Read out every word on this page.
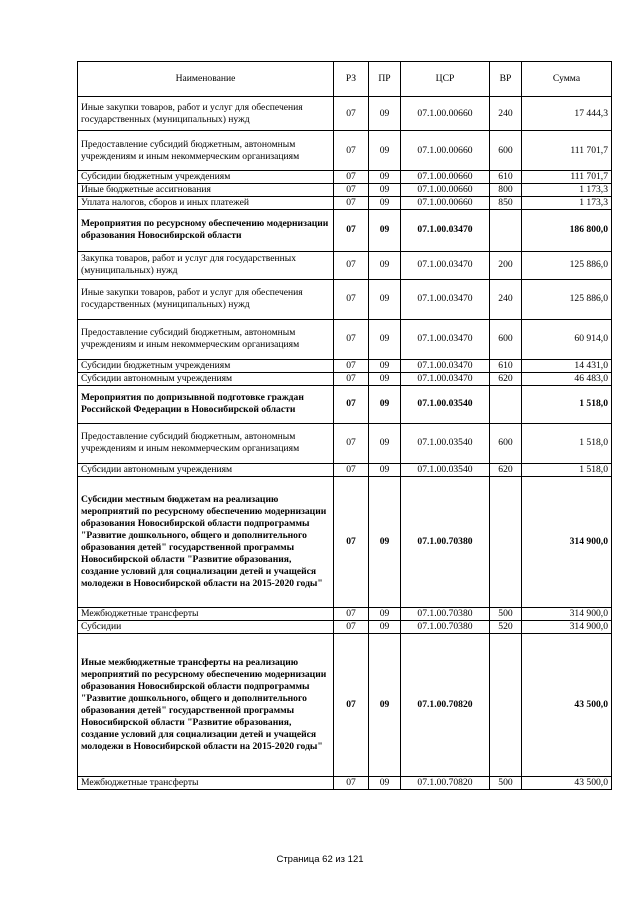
Наименование	РЗ	ПР	ЦСР	ВР	Сумма
Иные закупки товаров, работ и услуг для обеспечения государственных (муниципальных) нужд	07	09	07.1.00.00660	240	17 444,3
Предоставление субсидий бюджетным, автономным учреждениям и иным некоммерческим организациям	07	09	07.1.00.00660	600	111 701,7
Субсидии бюджетным учреждениям	07	09	07.1.00.00660	610	111 701,7
Иные бюджетные ассигнования	07	09	07.1.00.00660	800	1 173,3
Уплата налогов, сборов и иных платежей	07	09	07.1.00.00660	850	1 173,3
Мероприятия по ресурсному обеспечению модернизации образования Новосибирской области	07	09	07.1.00.03470		186 800,0
Закупка товаров, работ и услуг для государственных (муниципальных) нужд	07	09	07.1.00.03470	200	125 886,0
Иные закупки товаров, работ и услуг для обеспечения государственных (муниципальных) нужд	07	09	07.1.00.03470	240	125 886,0
Предоставление субсидий бюджетным, автономным учреждениям и иным некоммерческим организациям	07	09	07.1.00.03470	600	60 914,0
Субсидии бюджетным учреждениям	07	09	07.1.00.03470	610	14 431,0
Субсидии автономным учреждениям	07	09	07.1.00.03470	620	46 483,0
Мероприятия по допризывной подготовке граждан Российской Федерации в Новосибирской области	07	09	07.1.00.03540		1 518,0
Предоставление субсидий бюджетным, автономным учреждениям и иным некоммерческим организациям	07	09	07.1.00.03540	600	1 518,0
Субсидии автономным учреждениям	07	09	07.1.00.03540	620	1 518,0
Субсидии местным бюджетам на реализацию мероприятий по ресурсному обеспечению модернизации образования Новосибирской области подпрограммы "Развитие дошкольного, общего и дополнительного образования детей" государственной программы Новосибирской области "Развитие образования, создание условий для социализации детей и учащейся молодежи в Новосибирской области на 2015-2020 годы"	07	09	07.1.00.70380		314 900,0
Межбюджетные трансферты	07	09	07.1.00.70380	500	314 900,0
Субсидии	07	09	07.1.00.70380	520	314 900,0
Иные межбюджетные трансферты на реализацию мероприятий по ресурсному обеспечению модернизации образования Новосибирской области подпрограммы "Развитие дошкольного, общего и дополнительного образования детей" государственной программы Новосибирской области "Развитие образования, создание условий для социализации детей и учащейся молодежи в Новосибирской области на 2015-2020 годы"	07	09	07.1.00.70820		43 500,0
Межбюджетные трансферты	07	09	07.1.00.70820	500	43 500,0
Страница 62 из 121
